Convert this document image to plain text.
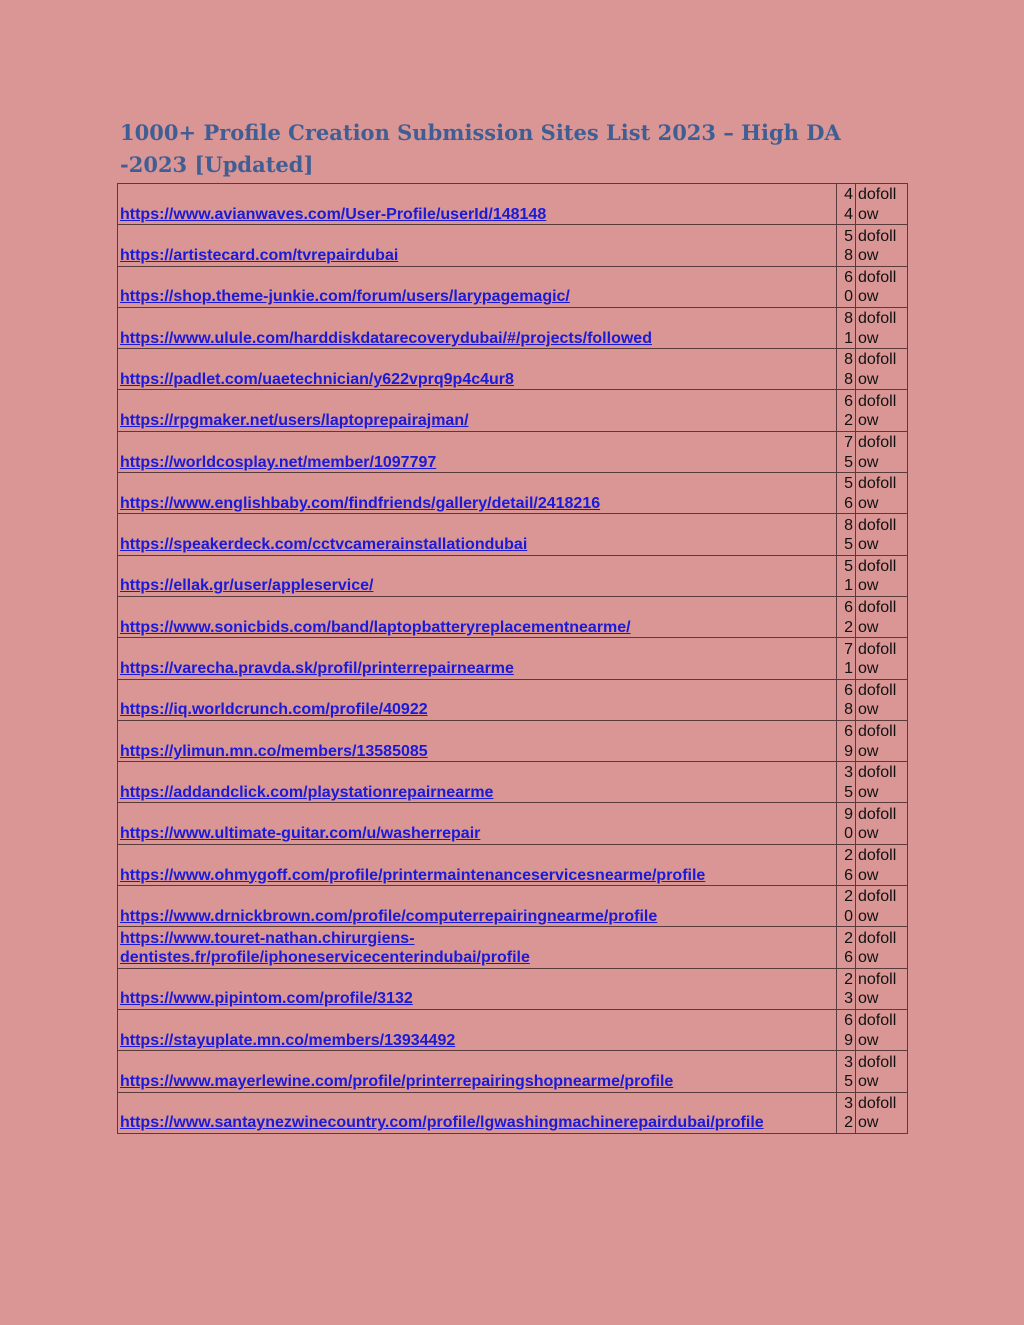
1000+ Profile Creation Submission Sites List 2023 – High DA -2023 [Updated]
https://www.avianwaves.com/User-Profile/userId/148148	44	dofollow

https://artistecard.com/tvrepairdubai	58	dofollow

https://shop.theme-junkie.com/forum/users/larypagemagic/	60	dofollow

https://www.ulule.com/harddiskdatarecoverydubai/#/projects/followed	81	dofollow

https://padlet.com/uaetechnician/y622vprq9p4c4ur8	88	dofollow

https://rpgmaker.net/users/laptoprepairajman/	62	dofollow

https://worldcosplay.net/member/1097797	75	dofollow

https://www.englishbaby.com/findfriends/gallery/detail/2418216	56	dofollow

https://speakerdeck.com/cctvcamerainstallationdubai	85	dofollow

https://ellak.gr/user/appleservice/	51	dofollow

https://www.sonicbids.com/band/laptopbatteryreplacementnearme/	62	dofollow

https://varecha.pravda.sk/profil/printerrepairnearme	71	dofollow

https://iq.worldcrunch.com/profile/40922	68	dofollow

https://ylimun.mn.co/members/13585085	69	dofollow

https://addandclick.com/playstationrepairnearme	35	dofollow

https://www.ultimate-guitar.com/u/washerrepair	90	dofollow

https://www.ohmygoff.com/profile/printermaintenanceservicesnearme/profile	26	dofollow

https://www.drnickbrown.com/profile/computerrepairingnearme/profile	20	dofollow

https://www.touret-nathan.chirurgiens-
dentistes.fr/profile/iphoneservicecenterindubai/profile	26	dofollow

https://www.pipintom.com/profile/3132	23	nofollow

https://stayuplate.mn.co/members/13934492	69	dofollow

https://www.mayerlewine.com/profile/printerrepairingshopnearme/profile	35	dofollow

https://www.santaynezwinecountry.com/profile/lgwashingmachinerepairdubai/profile	32	dofollow
